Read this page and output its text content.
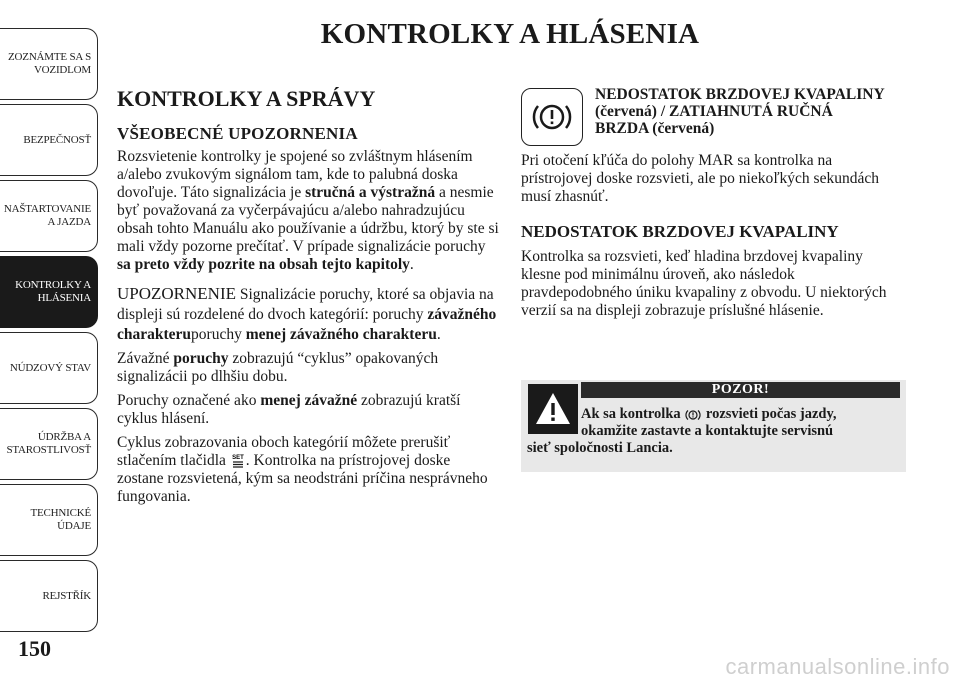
ZOZNÁMTE SA S
VOZIDLOM
BEZPEČNOSŤ
NAŠTARTOVANIE
A JAZDA
KONTROLKY A
HLÁSENIA
NÚDZOVÝ STAV
ÚDRŽBA A
STAROSTLIVOSŤ
TECHNICKÉ
ÚDAJE
REJSTŘÍK
150
KONTROLKY A HLÁSENIA
KONTROLKY A SPRÁVY
VŠEOBECNÉ UPOZORNENIA

Rozsvietenie kontrolky je spojené so zvláštnym hlásením a/alebo zvukovým signálom tam, kde to palubná doska dovoľuje. Táto signalizácia je stručná a výstražná a nesmie byť považovaná za vyčerpávajúcu a/alebo nahradzujúcu obsah tohto Manuálu ako používanie a údržbu, ktorý by ste si mali vždy pozorne prečítať. V prípade signalizácie poruchy sa preto vždy pozrite na obsah tejto kapitoly.

UPOZORNENIE Signalizácie poruchy, ktoré sa objavia na displeji sú rozdelené do dvoch kategórií: poruchy závažného charakteruporuchy menej závažného charakteru.

Závažné poruchy zobrazujú “cyklus” opakovaných signalizácii po dlhšiu dobu.

Poruchy označené ako menej závažné zobrazujú kratší cyklus hlásení.

Cyklus zobrazovania oboch kategórií môžete prerušiť stlačením tlačidla SET . Kontrolka na prístrojovej doske zostane rozsvietená, kým sa neodstráni príčina nesprávneho fungovania.

NEDOSTATOK BRZDOVEJ KVAPALINY (červená) / ZATIAHNUTÁ RUČNÁ BRZDA (červená)

Pri otočení kľúča do polohy MAR sa kontrolka na prístrojovej doske rozsvieti, ale po niekoľkých sekundách musí zhasnúť.

NEDOSTATOK BRZDOVEJ KVAPALINY

Kontrolka sa rozsvieti, keď hladina brzdovej kvapaliny klesne pod minimálnu úroveň, ako následok pravdepodobného úniku kvapaliny z obvodu. U niektorých verzií sa na displeji zobrazuje príslušné hlásenie.

POZOR!
Ak sa kontrolka  rozsvieti počas jazdy,
okamžite zastavte a kontaktujte servisnú
sieť spoločnosti Lancia.
carmanualsonline.info
